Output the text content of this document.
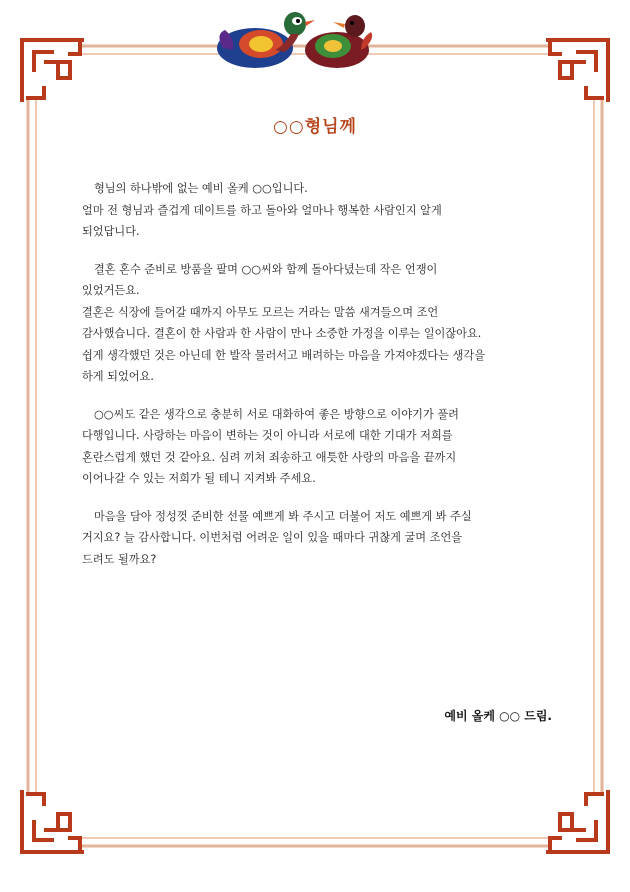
○○형님께
형님의 하나밖에 없는 예비 올케 ○○입니다.
얼마 전 형님과 즐겁게 데이트를 하고 돌아와 얼마나 행복한 사람인지 알게
되었답니다.
결혼 혼수 준비로 방품을 팔며 ○○씨와 함께 돌아다녔는데 작은 언쟁이
있었거든요.
결혼은 식장에 들어갈 때까지 아무도 모르는 거라는 말씀 새겨들으며 조언
감사했습니다. 결혼이 한 사람과 한 사람이 만나 소중한 가정을 이루는 일이잖아요.
쉽게 생각했던 것은 아닌데 한 발작 물러서고 배려하는 마음을 가져야겠다는 생각을
하게 되었어요.
○○씨도 같은 생각으로 충분히 서로 대화하여 좋은 방향으로 이야기가 풀려
다행입니다. 사랑하는 마음이 변하는 것이 아니라 서로에 대한 기대가 저희를
혼란스럽게 했던 것 같아요. 심려 끼쳐 죄송하고 애틋한 사랑의 마음을 끝까지
이어나갈 수 있는 저희가 될 테니 지켜봐 주세요.
마음을 담아 정성껏 준비한 선물 예쁘게 봐 주시고 더불어 저도 예쁘게 봐 주실
거지요? 늘 감사합니다. 이번처럼 어려운 일이 있을 때마다 귀찮게 굴며 조언을
드려도 될까요?
예비 올케 ○○ 드림.
